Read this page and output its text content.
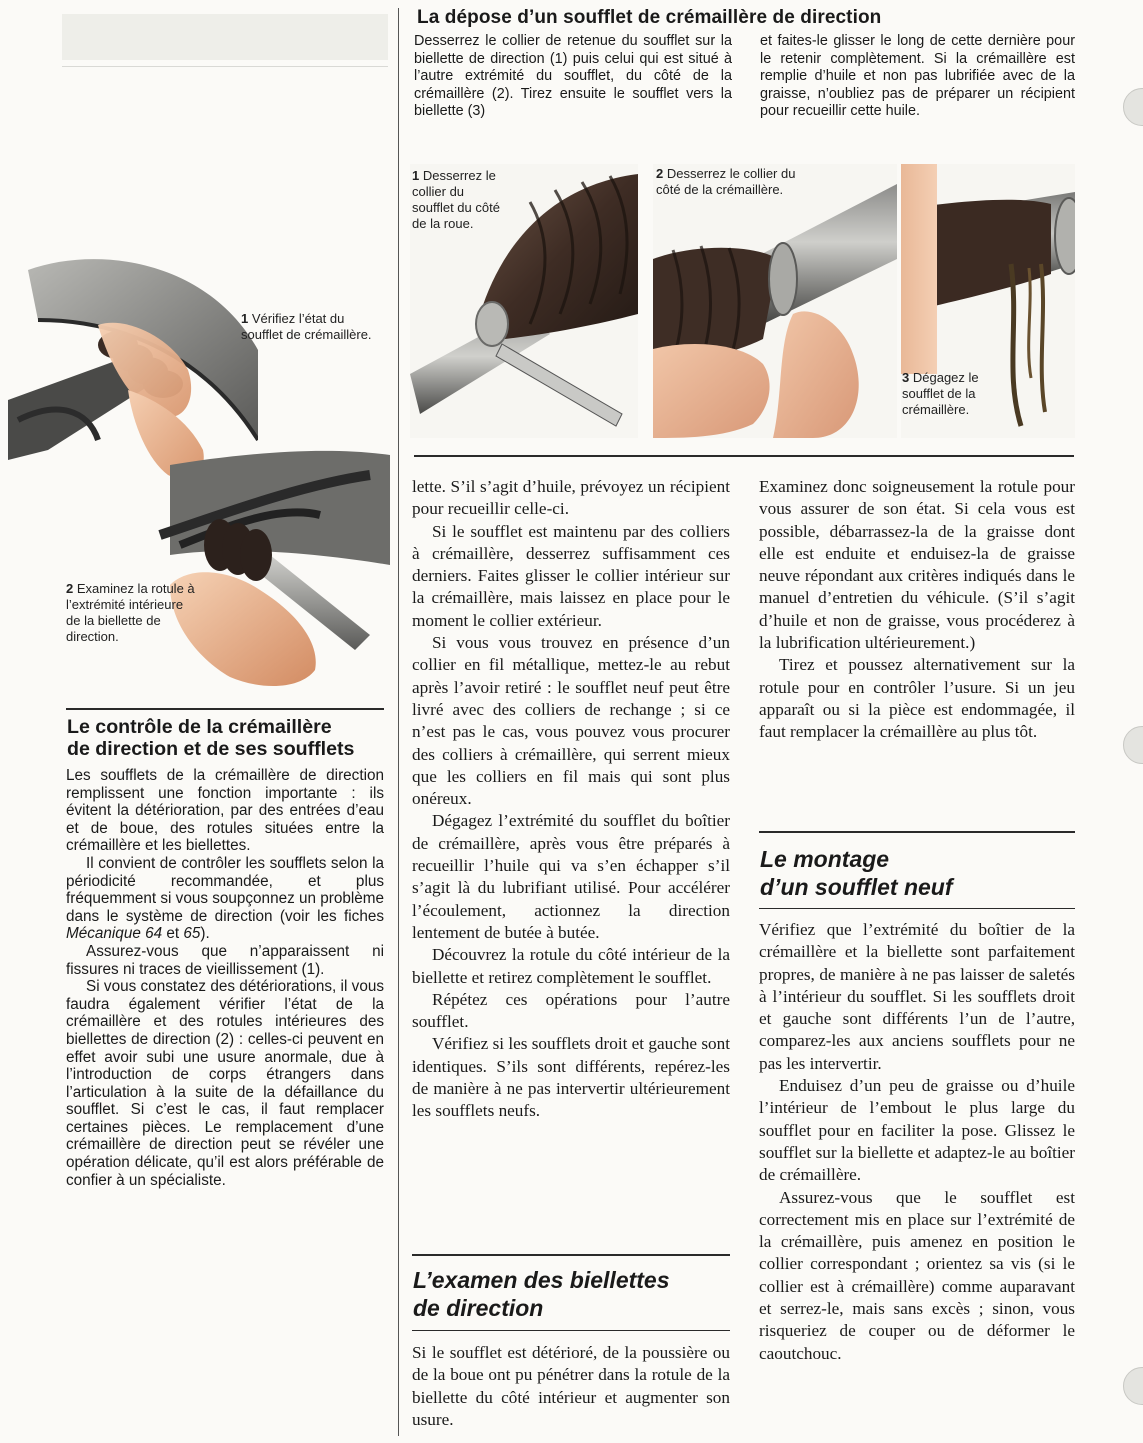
La dépose d’un soufflet de crémaillère de direction
Desserrez le collier de retenue du soufflet sur la biellette de direction (1) puis celui qui est situé à l’autre extrémité du soufflet, du côté de la crémaillère (2). Tirez ensuite le soufflet vers la biellette (3)
et faites-le glisser le long de cette dernière pour le retenir complètement. Si la crémaillère est remplie d’huile et non pas lubrifiée avec de la graisse, n’oubliez pas de préparer un récipient pour recueillir cette huile.
1 Desserrez le collier du soufflet du côté de la roue.
2 Desserrez le collier du côté de la crémaillère.
3 Dégagez le soufflet de la crémaillère.
1 Vérifiez l’état du soufflet de crémaillère.
2 Examinez la rotule à l’extrémité intérieure de la biellette de direction.
Le contrôle de la crémaillère
de direction et de ses soufflets

Les soufflets de la crémaillère de direction remplissent une fonction importante : ils évitent la détérioration, par des entrées d’eau et de boue, des rotules situées entre la crémaillère et les biellettes.

Il convient de contrôler les soufflets selon la périodicité recommandée, et plus fréquemment si vous soupçonnez un problème dans le système de direction (voir les fiches Mécanique 64 et 65).

Assurez-vous que n’apparaissent ni fissures ni traces de vieillissement (1).

Si vous constatez des détériorations, il vous faudra également vérifier l’état de la crémaillère et des rotules intérieures des biellettes de direction (2) : celles-ci peuvent en effet avoir subi une usure anormale, due à l’introduction de corps étrangers dans l’articulation à la suite de la défaillance du soufflet. Si c’est le cas, il faut remplacer certaines pièces. Le remplacement d’une crémaillère de direction peut se révéler une opération délicate, qu’il est alors préférable de confier à un spécialiste.

lette. S’il s’agit d’huile, prévoyez un récipient pour recueillir celle-ci.

Si le soufflet est maintenu par des colliers à crémaillère, desserrez suffisamment ces derniers. Faites glisser le collier intérieur sur la crémaillère, mais laissez en place pour le moment le collier extérieur.

Si vous vous trouvez en présence d’un collier en fil métallique, mettez-le au rebut après l’avoir retiré : le soufflet neuf peut être livré avec des colliers de rechange ; si ce n’est pas le cas, vous pouvez vous procurer des colliers à crémaillère, qui serrent mieux que les colliers en fil mais qui sont plus onéreux.

Dégagez l’extrémité du soufflet du boîtier de crémaillère, après vous être préparés à recueillir l’huile qui va s’en échapper s’il s’agit là du lubrifiant utilisé. Pour accélérer l’écoulement, actionnez la direction lentement de butée à butée.

Découvrez la rotule du côté intérieur de la biellette et retirez complètement le soufflet.

Répétez ces opérations pour l’autre soufflet.

Vérifiez si les soufflets droit et gauche sont identiques. S’ils sont différents, repérez-les de manière à ne pas intervertir ultérieurement les soufflets neufs.

L’examen des biellettes
de direction

Si le soufflet est détérioré, de la poussière ou de la boue ont pu pénétrer dans la rotule de la biellette du côté intérieur et augmenter son usure.

Examinez donc soigneusement la rotule pour vous assurer de son état. Si cela vous est possible, débarrassez-la de la graisse dont elle est enduite et enduisez-la de graisse neuve répondant aux critères indiqués dans le manuel d’entretien du véhicule. (S’il s’agit d’huile et non de graisse, vous procéderez à la lubrification ultérieurement.)

Tirez et poussez alternativement sur la rotule pour en contrôler l’usure. Si un jeu apparaît ou si la pièce est endommagée, il faut remplacer la crémaillère au plus tôt.

Le montage
d’un soufflet neuf

Vérifiez que l’extrémité du boîtier de la crémaillère et la biellette sont parfaitement propres, de manière à ne pas laisser de saletés à l’intérieur du soufflet. Si les soufflets droit et gauche sont différents l’un de l’autre, comparez-les aux anciens soufflets pour ne pas les intervertir.

Enduisez d’un peu de graisse ou d’huile l’intérieur de l’embout le plus large du soufflet pour en faciliter la pose. Glissez le soufflet sur la biellette et adaptez-le au boîtier de crémaillère.

Assurez-vous que le soufflet est correctement mis en place sur l’extrémité de la crémaillère, puis amenez en position le collier correspondant ; orientez sa vis (si le collier est à crémaillère) comme auparavant et serrez-le, mais sans excès ; sinon, vous risqueriez de couper ou de déformer le caoutchouc.
